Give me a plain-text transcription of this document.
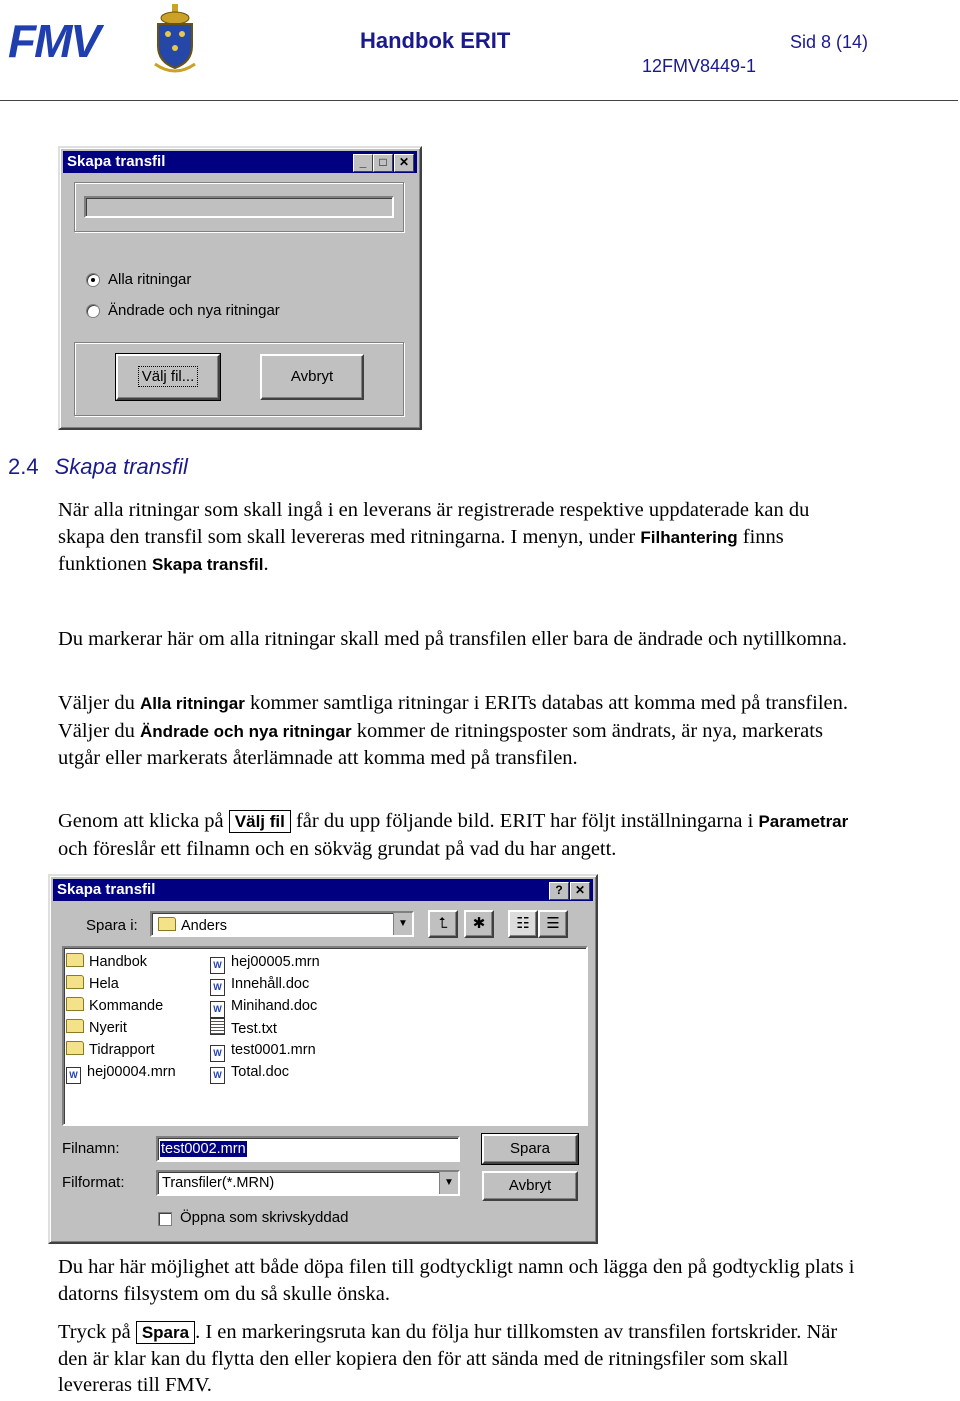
FMV	Handbok ERIT	Sid 8 (14)
12FMV8449-1
Skapa transfil	_	□	✕
Alla ritningar
Ändrade och nya ritningar
Välj fil...	Avbryt
2.4 Skapa transfil

När alla ritningar som skall ingå i en leverans är registrerade respektive uppdaterade kan du skapa den transfil som skall levereras med ritningarna. I menyn, under Filhantering finns funktionen Skapa transfil.

Du markerar här om alla ritningar skall med på transfilen eller bara de ändrade och nytillkomna.

Väljer du Alla ritningar kommer samtliga ritningar i ERITs databas att komma med på transfilen. Väljer du Ändrade och nya ritningar kommer de ritningsposter som ändrats, är nya, markerats utgår eller markerats återlämnade att komma med på transfilen.

Genom att klicka på Välj fil får du upp följande bild. ERIT har följt inställningarna i Parametrar och föreslår ett filnamn och en sökväg grundat på vad du har angett.

Skapa transfil	?	✕
Spara i:	Anders	▼	⮤	✱	☷	☰
Handbok
Hela
Kommande
Nyerit
Tidrapport
W hej00004.mrn
W hej00005.mrn
W Innehåll.doc
W Minihand.doc
Test.txt
W test0001.mrn
W Total.doc
Filnamn:	test0002.mrn
Filformat:	Transfiler(*.MRN)	▼
Öppna som skrivskyddad
Spara
Avbryt

Du har här möjlighet att både döpa filen till godtyckligt namn och lägga den på godtycklig plats i datorns filsystem om du så skulle önska.

Tryck på Spara . I en markeringsruta kan du följa hur tillkomsten av transfilen fortskrider. När den är klar kan du flytta den eller kopiera den för att sända med de ritningsfiler som skall levereras till FMV.
